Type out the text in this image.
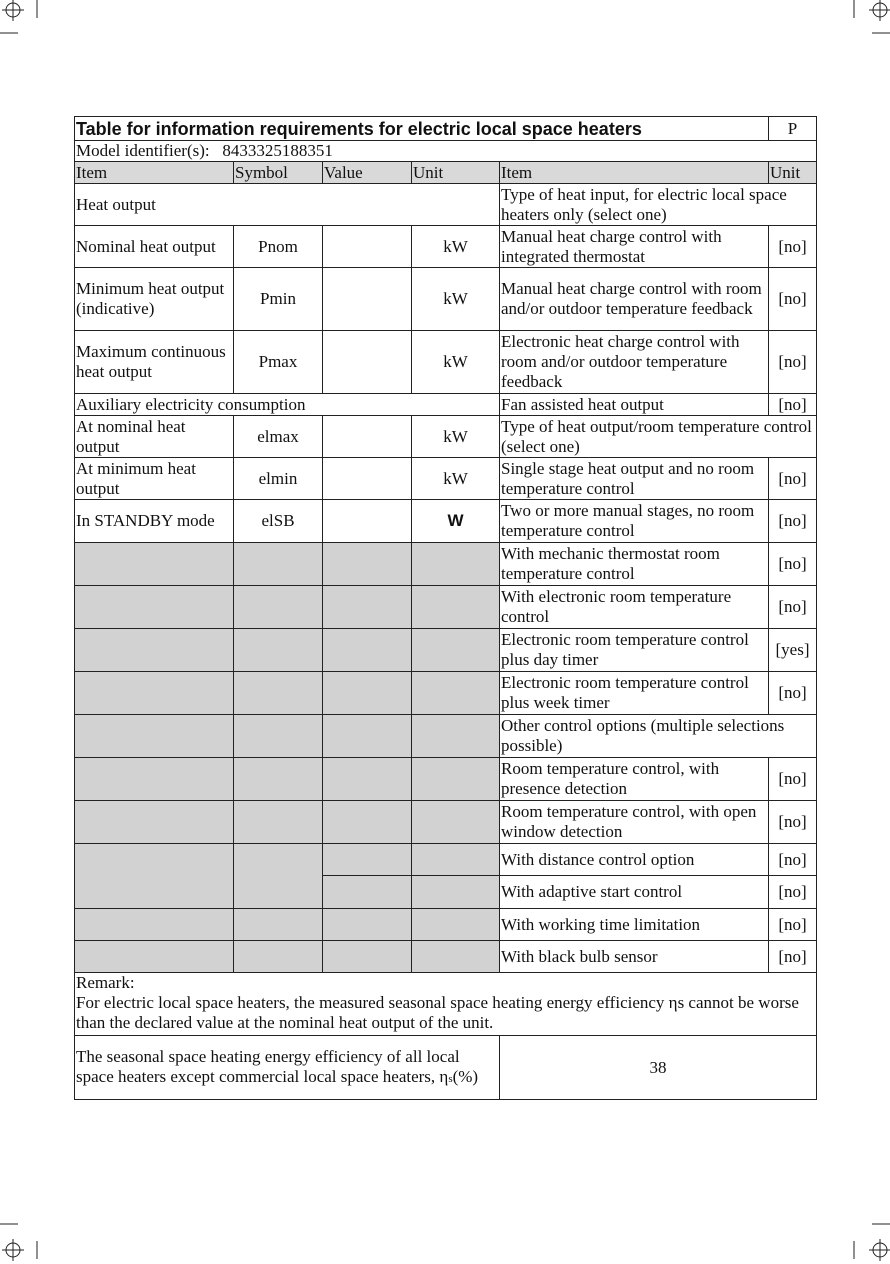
Table for information requirements for electric local space heaters					P
Model identifier(s): 8433325188351					
Item	Symbol	Value	Unit	Item	Unit
Heat output				Type of heat input, for electric local space heaters only (select one)	
Nominal heat output	Pnom		kW	Manual heat charge control with integrated thermostat	[no]
Minimum heat output (indicative)	Pmin		kW	Manual heat charge control with room and/or outdoor temperature feedback	[no]
Maximum continuous heat output	Pmax		kW	Electronic heat charge control with room and/or outdoor temperature feedback	[no]
Auxiliary electricity consumption				Fan assisted heat output	[no]
At nominal heat output	elmax		kW	Type of heat output/room temperature control (select one)	
At minimum heat output	elmin		kW	Single stage heat output and no room temperature control	[no]
In STANDBY mode	elSB		W	Two or more manual stages, no room temperature control	[no]
				With mechanic thermostat room temperature control	[no]
				With electronic room temperature control	[no]
				Electronic room temperature control plus day timer	[yes]
				Electronic room temperature control plus week timer	[no]
				Other control options (multiple selections possible)	
				Room temperature control, with presence detection	[no]
				Room temperature control, with open window detection	[no]
				With distance control option	[no]
				With adaptive start control	[no]
				With working time limitation	[no]
				With black bulb sensor	[no]

Remark:
For electric local space heaters, the measured seasonal space heating energy efficiency ηs cannot be worse than the declared value at the nominal heat output of the unit.					

The seasonal space heating energy efficiency of all local space heaters except commercial local space heaters, ηs(%)				38	
